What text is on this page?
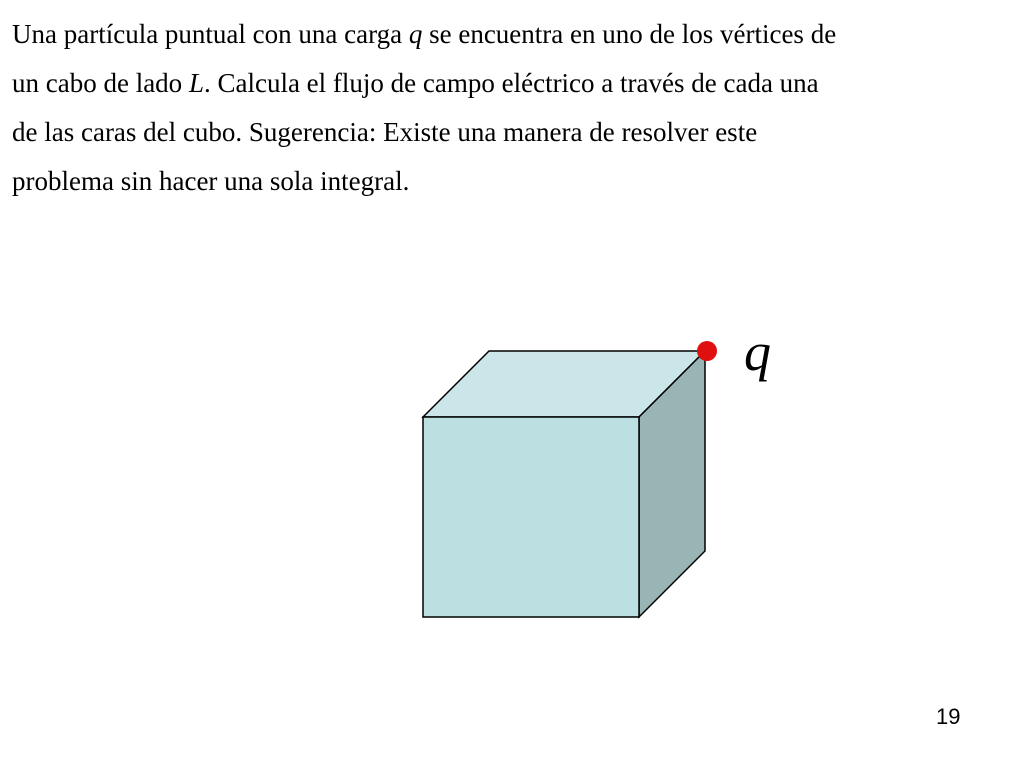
Una partícula puntual con una carga q se encuentra en uno de los vértices de
un cabo de lado L. Calcula el flujo de campo eléctrico a través de cada una
de las caras del cubo. Sugerencia: Existe una manera de resolver este
problema sin hacer una sola integral.
q
19
